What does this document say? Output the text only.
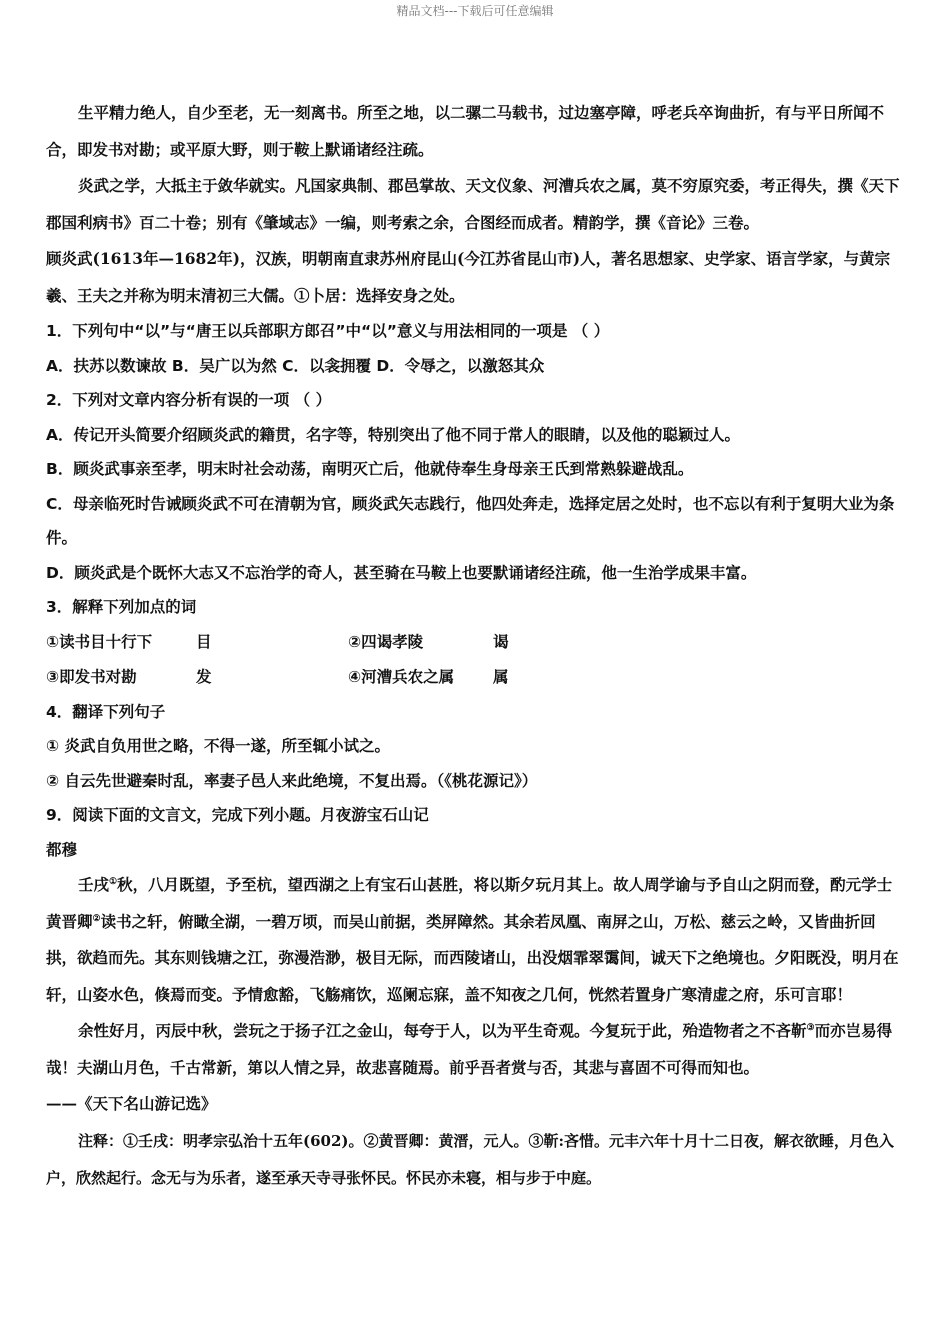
精品文档---下载后可任意编辑

生平精力绝人，自少至老，无一刻离书。所至之地，以二骡二马载书，过边塞亭障，呼老兵卒询曲折，有与平日所闻不合，即发书对勘；或平原大野，则于鞍上默诵诸经注疏。

炎武之学，大抵主于敛华就实。凡国家典制、郡邑掌故、天文仪象、河漕兵农之属，莫不穷原究委，考正得失，撰《天下郡国利病书》百二十卷；别有《肇域志》一编，则考索之余，合图经而成者。精韵学，撰《音论》三卷。

顾炎武(1613年—1682年)，汉族，明朝南直隶苏州府昆山(今江苏省昆山市)人，著名思想家、史学家、语言学家，与黄宗羲、王夫之并称为明末清初三大儒。①卜居：选择安身之处。

1．下列句中“以”与“唐王以兵部职方郎召”中“以”意义与用法相同的一项是 （ ）

A．扶苏以数谏故 B．吴广以为然 C．以衾拥覆 D．令辱之，以激怒其众

2．下列对文章内容分析有误的一项 （ ）

A．传记开头简要介绍顾炎武的籍贯，名字等，特别突出了他不同于常人的眼睛，以及他的聪颖过人。

B．顾炎武事亲至孝，明末时社会动荡，南明灭亡后，他就侍奉生身母亲王氏到常熟躲避战乱。

C．母亲临死时告诫顾炎武不可在清朝为官，顾炎武矢志践行，他四处奔走，选择定居之处时，也不忘以有利于复明大业为条件。

D．顾炎武是个既怀大志又不忘治学的奇人，甚至骑在马鞍上也要默诵诸经注疏，他一生治学成果丰富。

3．解释下列加点的词

①读书目十行下	目	②四谒孝陵	谒
③即发书对勘	发	④河漕兵农之属	属

4．翻译下列句子

① 炎武自负用世之略，不得一遂，所至辄小试之。

② 自云先世避秦时乱，率妻子邑人来此绝境，不复出焉。（《桃花源记》）

9．阅读下面的文言文，完成下列小题。月夜游宝石山记

都穆

壬戌①秋，八月既望，予至杭，望西湖之上有宝石山甚胜，将以斯夕玩月其上。故人周学谕与予自山之阴而登，酌元学士黄晋卿②读书之轩，俯瞰全湖，一碧万顷，而吴山前据，类屏障然。其余若凤凰、南屏之山，万松、慈云之岭，又皆曲折回拱，欲趋而先。其东则钱塘之江，弥漫浩渺，极目无际，而西陵诸山，出没烟霏翠霭间，诚天下之绝境也。夕阳既没，明月在轩，山姿水色，倏焉而变。予情愈豁，飞觞痛饮，巡阑忘寐，盖不知夜之几何，恍然若置身广寒清虚之府，乐可言耶！

余性好月，丙辰中秋，尝玩之于扬子江之金山，每夸于人，以为平生奇观。今复玩于此，殆造物者之不吝靳③而亦岂易得哉！夫湖山月色，千古常新，第以人情之异，故悲喜随焉。前乎吾者赏与否，其悲与喜固不可得而知也。

——《天下名山游记选》

注释：①壬戌：明孝宗弘治十五年(602)。②黄晋卿：黄溍，元人。③靳:吝惜。元丰六年十月十二日夜，解衣欲睡，月色入户，欣然起行。念无与为乐者，遂至承天寺寻张怀民。怀民亦未寝，相与步于中庭。
